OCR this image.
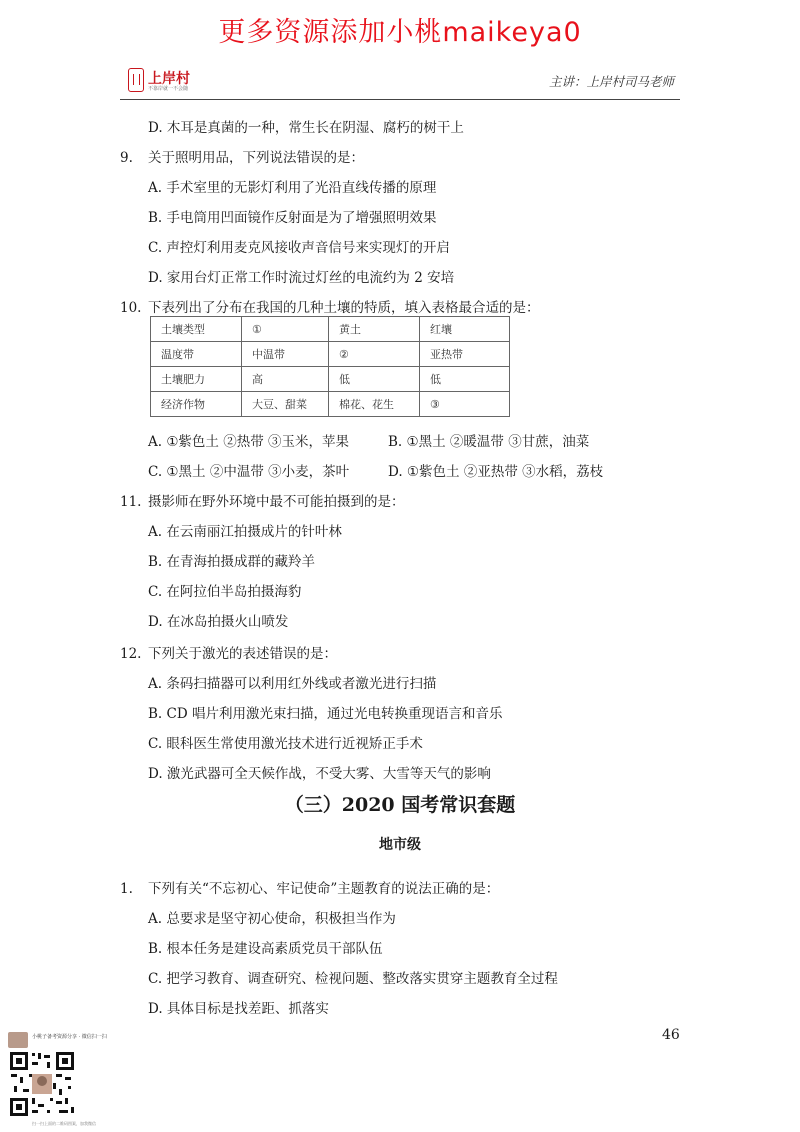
更多资源添加小桃maikeya0
上岸村
不靠岸就一不会随	主讲：上岸村司马老师
D. 木耳是真菌的一种，常生长在阴湿、腐朽的树干上
9. 关于照明用品，下列说法错误的是：
A. 手术室里的无影灯利用了光沿直线传播的原理
B. 手电筒用凹面镜作反射面是为了增强照明效果
C. 声控灯利用麦克风接收声音信号来实现灯的开启
D. 家用台灯正常工作时流过灯丝的电流约为 2 安培
10. 下表列出了分布在我国的几种土壤的特质，填入表格最合适的是：
土壤类型	①	黄土	红壤
温度带	中温带	②	亚热带
土壤肥力	高	低	低
经济作物	大豆、甜菜	棉花、花生	③
A. ①紫色土 ②热带 ③玉米，苹果	B. ①黑土 ②暖温带 ③甘蔗，油菜
C. ①黑土 ②中温带 ③小麦，茶叶	D. ①紫色土 ②亚热带 ③水稻，荔枝
11. 摄影师在野外环境中最不可能拍摄到的是：
A. 在云南丽江拍摄成片的针叶林
B. 在青海拍摄成群的藏羚羊
C. 在阿拉伯半岛拍摄海豹
D. 在冰岛拍摄火山喷发
12. 下列关于激光的表述错误的是：
A. 条码扫描器可以利用红外线或者激光进行扫描
B. CD 唱片利用激光束扫描，通过光电转换重现语言和音乐
C. 眼科医生常使用激光技术进行近视矫正手术
D. 激光武器可全天候作战，不受大雾、大雪等天气的影响
（三）2020 国考常识套题
地市级
1. 下列有关“不忘初心、牢记使命”主题教育的说法正确的是：
A. 总要求是坚守初心使命，积极担当作为
B. 根本任务是建设高素质党员干部队伍
C. 把学习教育、调查研究、检视问题、整改落实贯穿主题教育全过程
D. 具体目标是找差距、抓落实
46
小桃子备考资源分享 · 微信扫一扫
扫一扫上面的二维码图案，加我微信
